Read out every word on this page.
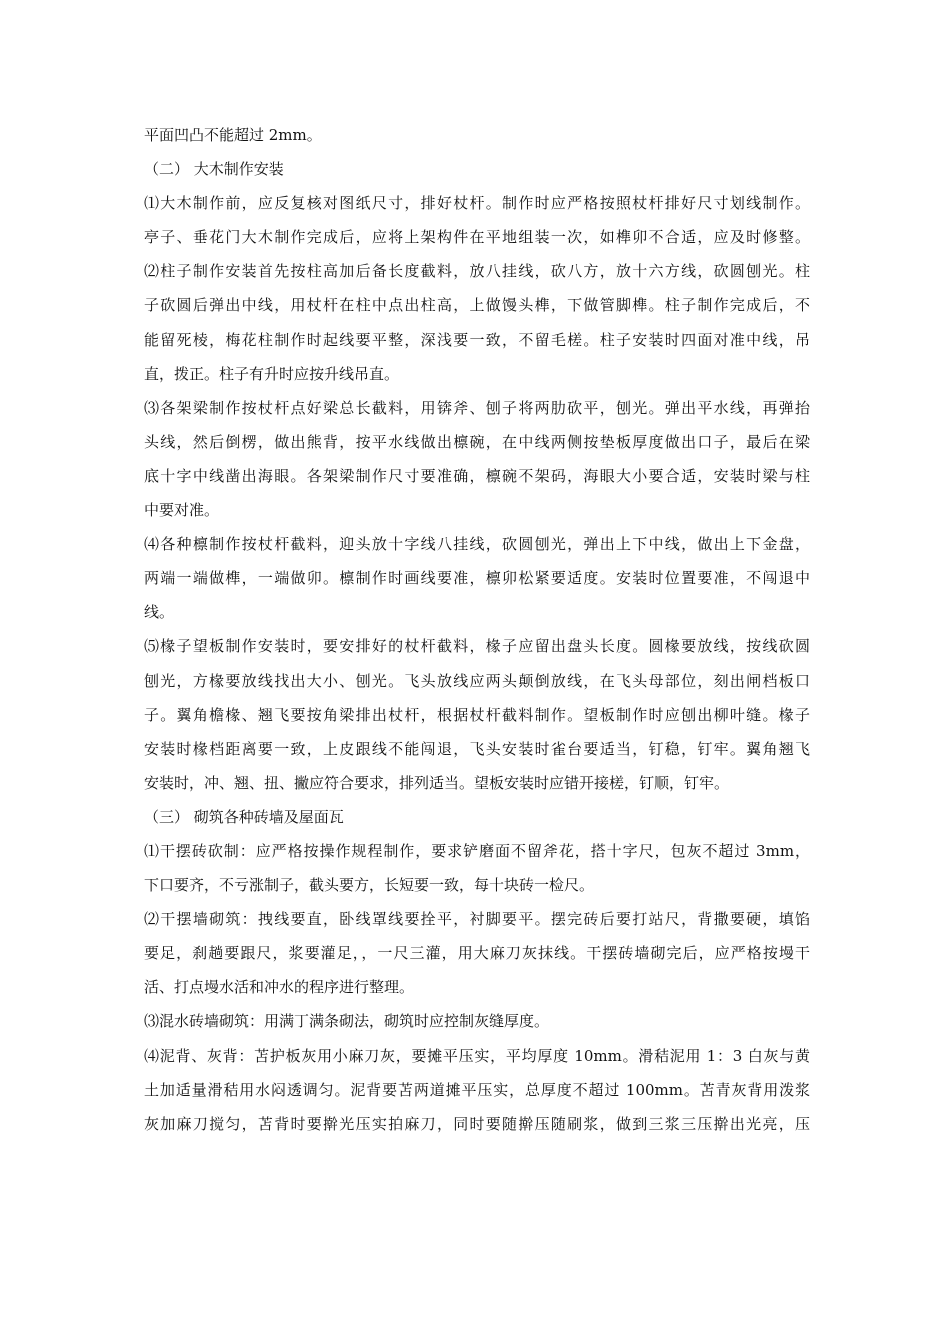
平面凹凸不能超过 2mm。
（二） 大木制作安装
⑴大木制作前，应反复核对图纸尺寸，排好杖杆。制作时应严格按照杖杆排好尺寸划线制作。
亭子、垂花门大木制作完成后，应将上架构件在平地组装一次，如榫卯不合适，应及时修整。
⑵柱子制作安装首先按柱高加后备长度截料，放八挂线，砍八方，放十六方线，砍圆刨光。柱
子砍圆后弹出中线，用杖杆在柱中点出柱高，上做馒头榫，下做管脚榫。柱子制作完成后，不
能留死棱，梅花柱制作时起线要平整，深浅要一致，不留毛槎。柱子安装时四面对准中线，吊
直，拨正。柱子有升时应按升线吊直。
⑶各架梁制作按杖杆点好梁总长截料，用锛斧、刨子将两肋砍平，刨光。弹出平水线，再弹抬
头线，然后倒楞，做出熊背，按平水线做出檩碗，在中线两侧按垫板厚度做出口子，最后在梁
底十字中线凿出海眼。各架梁制作尺寸要准确，檩碗不架码，海眼大小要合适，安装时梁与柱
中要对准。
⑷各种檩制作按杖杆截料，迎头放十字线八挂线，砍圆刨光，弹出上下中线，做出上下金盘，
两端一端做榫，一端做卯。檩制作时画线要准，檩卯松紧要适度。安装时位置要准，不闯退中
线。
⑸椽子望板制作安装时，要安排好的杖杆截料，椽子应留出盘头长度。圆椽要放线，按线砍圆
刨光，方椽要放线找出大小、刨光。飞头放线应两头颠倒放线，在飞头母部位，刻出闸档板口
子。翼角檐椽、翘飞要按角梁排出杖杆，根据杖杆截料制作。望板制作时应刨出柳叶缝。椽子
安装时椽档距离要一致，上皮跟线不能闯退，飞头安装时雀台要适当，钉稳，钉牢。翼角翘飞
安装时，冲、翘、扭、撇应符合要求，排列适当。望板安装时应错开接槎，钉顺，钉牢。
（三） 砌筑各种砖墙及屋面瓦
⑴干摆砖砍制：应严格按操作规程制作，要求铲磨面不留斧花，搭十字尺，包灰不超过 3mm，
下口要齐，不亏涨制子，截头要方，长短要一致，每十块砖一检尺。
⑵干摆墙砌筑：拽线要直，卧线罩线要拴平，衬脚要平。摆完砖后要打站尺，背撒要硬，填馅
要足，刹趟要跟尺，浆要灌足，，一尺三灌，用大麻刀灰抹线。干摆砖墙砌完后，应严格按墁干
活、打点墁水活和冲水的程序进行整理。
⑶混水砖墙砌筑：用满丁满条砌法，砌筑时应控制灰缝厚度。
⑷泥背、灰背：苫护板灰用小麻刀灰，要摊平压实，平均厚度 10mm。滑秸泥用 1：3 白灰与黄
土加适量滑秸用水闷透调匀。泥背要苫两道摊平压实，总厚度不超过 100mm。苫青灰背用泼浆
灰加麻刀搅匀，苫背时要擀光压实拍麻刀，同时要随擀压随刷浆，做到三浆三压擀出光亮，压
